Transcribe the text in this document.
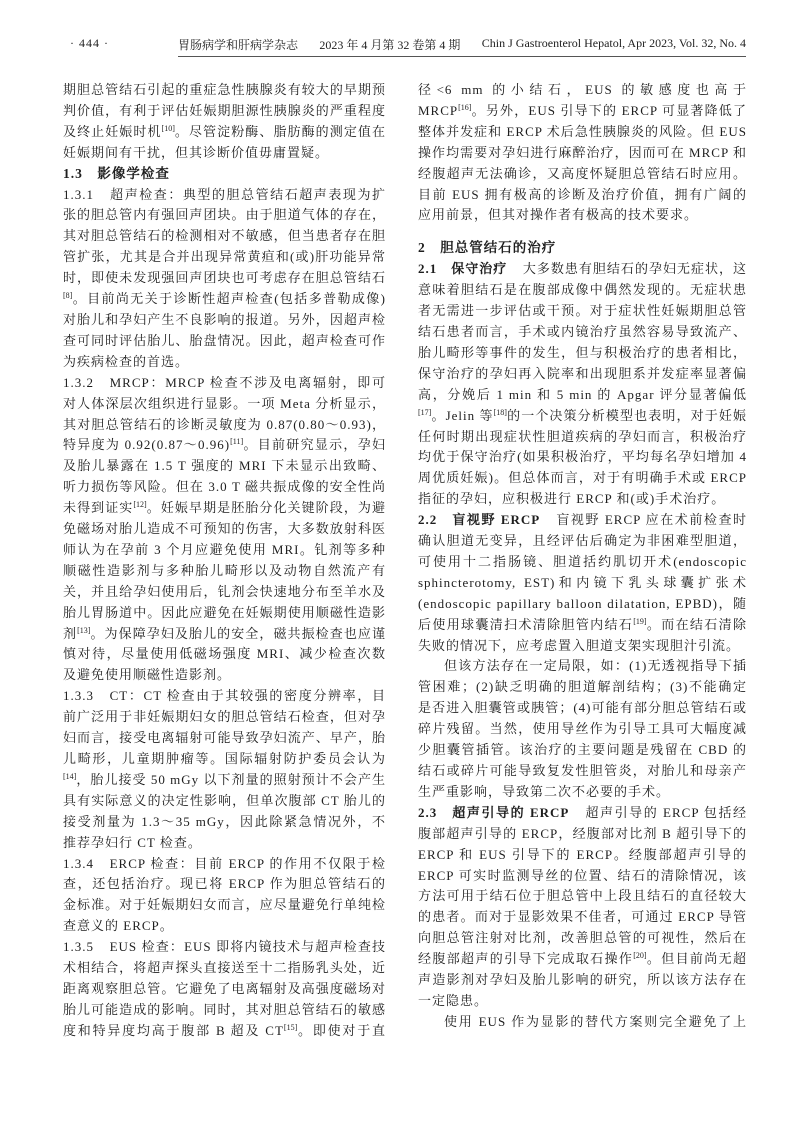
· 444 ·	胃肠病学和肝病学杂志 2023 年 4 月第 32 卷第 4 期 Chin J Gastroenterol Hepatol, Apr 2023, Vol. 32, No. 4

期胆总管结石引起的重症急性胰腺炎有较大的早期预判价值，有利于评估妊娠期胆源性胰腺炎的严重程度及终止妊娠时机[10]。尽管淀粉酶、脂肪酶的测定值在妊娠期间有干扰，但其诊断价值毋庸置疑。

1.3　影像学检查

1.3.1 超声检查：典型的胆总管结石超声表现为扩张的胆总管内有强回声团块。由于胆道气体的存在，其对胆总管结石的检测相对不敏感，但当患者存在胆管扩张，尤其是合并出现异常黄疸和(或)肝功能异常时，即使未发现强回声团块也可考虑存在胆总管结石[8]。目前尚无关于诊断性超声检查(包括多普勒成像)对胎儿和孕妇产生不良影响的报道。另外，因超声检查可同时评估胎儿、胎盘情况。因此，超声检查可作为疾病检查的首选。

1.3.2 MRCP：MRCP 检查不涉及电离辐射，即可对人体深层次组织进行显影。一项 Meta 分析显示，其对胆总管结石的诊断灵敏度为 0.87(0.80～0.93)，特异度为 0.92(0.87～0.96)[11]。目前研究显示，孕妇及胎儿暴露在 1.5 T 强度的 MRI 下未显示出致畸、听力损伤等风险。但在 3.0 T 磁共振成像的安全性尚未得到证实[12]。妊娠早期是胚胎分化关键阶段，为避免磁场对胎儿造成不可预知的伤害，大多数放射科医师认为在孕前 3 个月应避免使用 MRI。钆剂等多种顺磁性造影剂与多种胎儿畸形以及动物自然流产有关，并且给孕妇使用后，钆剂会快速地分布至羊水及胎儿胃肠道中。因此应避免在妊娠期使用顺磁性造影剂[13]。为保障孕妇及胎儿的安全，磁共振检查也应谨慎对待，尽量使用低磁场强度 MRI、减少检查次数及避免使用顺磁性造影剂。

1.3.3 CT：CT 检查由于其较强的密度分辨率，目前广泛用于非妊娠期妇女的胆总管结石检查，但对孕妇而言，接受电离辐射可能导致孕妇流产、早产，胎儿畸形，儿童期肿瘤等。国际辐射防护委员会认为[14]，胎儿接受 50 mGy 以下剂量的照射预计不会产生具有实际意义的决定性影响，但单次腹部 CT 胎儿的接受剂量为 1.3～35 mGy，因此除紧急情况外，不推荐孕妇行 CT 检查。

1.3.4 ERCP 检查：目前 ERCP 的作用不仅限于检查，还包括治疗。现已将 ERCP 作为胆总管结石的金标准。对于妊娠期妇女而言，应尽量避免行单纯检查意义的 ERCP。

1.3.5 EUS 检查：EUS 即将内镜技术与超声检查技术相结合，将超声探头直接送至十二指肠乳头处，近距离观察胆总管。它避免了电离辐射及高强度磁场对胎儿可能造成的影响。同时，其对胆总管结石的敏感度和特异度均高于腹部 B 超及 CT[15]。即使对于直

径<6 mm 的小结石，EUS 的敏感度也高于 MRCP[16]。另外，EUS 引导下的 ERCP 可显著降低了整体并发症和 ERCP 术后急性胰腺炎的风险。但 EUS 操作均需要对孕妇进行麻醉治疗，因而可在 MRCP 和经腹超声无法确诊，又高度怀疑胆总管结石时应用。目前 EUS 拥有极高的诊断及治疗价值，拥有广阔的应用前景，但其对操作者有极高的技术要求。

2　胆总管结石的治疗

2.1　保守治疗 大多数患有胆结石的孕妇无症状，这意味着胆结石是在腹部成像中偶然发现的。无症状患者无需进一步评估或干预。对于症状性妊娠期胆总管结石患者而言，手术或内镜治疗虽然容易导致流产、胎儿畸形等事件的发生，但与积极治疗的患者相比，保守治疗的孕妇再入院率和出现胆系并发症率显著偏高，分娩后 1 min 和 5 min 的 Apgar 评分显著偏低[17]。Jelin 等[18]的一个决策分析模型也表明，对于妊娠任何时期出现症状性胆道疾病的孕妇而言，积极治疗均优于保守治疗(如果积极治疗，平均每名孕妇增加 4 周优质妊娠)。但总体而言，对于有明确手术或 ERCP 指征的孕妇，应积极进行 ERCP 和(或)手术治疗。

2.2　盲视野 ERCP 盲视野 ERCP 应在术前检查时确认胆道无变异，且经评估后确定为非困难型胆道，可使用十二指肠镜、胆道括约肌切开术(endoscopic sphincterotomy, EST)和内镜下乳头球囊扩张术(endoscopic papillary balloon dilatation, EPBD)，随后使用球囊清扫术清除胆管内结石[19]。而在结石清除失败的情况下，应考虑置入胆道支架实现胆汁引流。

但该方法存在一定局限，如：(1)无透视指导下插管困难；(2)缺乏明确的胆道解剖结构；(3)不能确定是否进入胆囊管或胰管；(4)可能有部分胆总管结石或碎片残留。当然，使用导丝作为引导工具可大幅度减少胆囊管插管。该治疗的主要问题是残留在 CBD 的结石或碎片可能导致复发性胆管炎，对胎儿和母亲产生严重影响，导致第二次不必要的手术。

2.3　超声引导的 ERCP 超声引导的 ERCP 包括经腹部超声引导的 ERCP，经腹部对比剂 B 超引导下的 ERCP 和 EUS 引导下的 ERCP。经腹部超声引导的 ERCP 可实时监测导丝的位置、结石的清除情况，该方法可用于结石位于胆总管中上段且结石的直径较大的患者。而对于显影效果不佳者，可通过 ERCP 导管向胆总管注射对比剂，改善胆总管的可视性，然后在经腹部超声的引导下完成取石操作[20]。但目前尚无超声造影剂对孕妇及胎儿影响的研究，所以该方法存在一定隐患。

使用 EUS 作为显影的替代方案则完全避免了上
